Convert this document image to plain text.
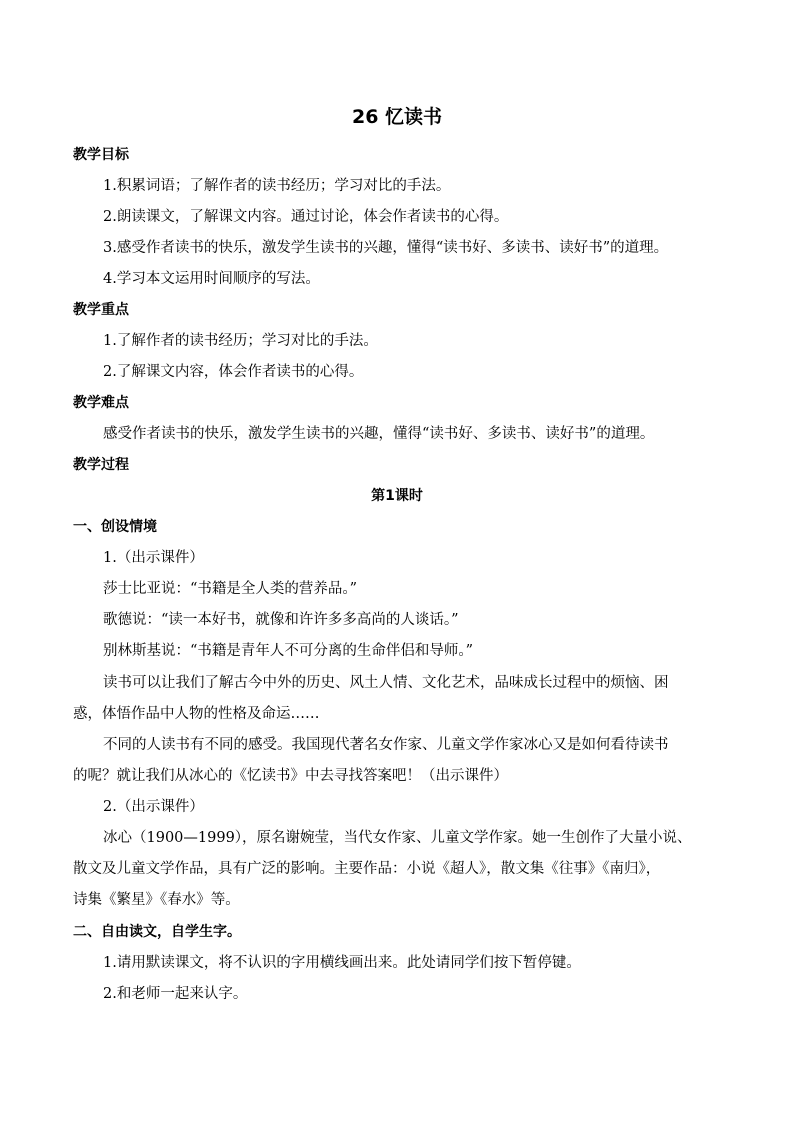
26 忆读书
教学目标
1.积累词语；了解作者的读书经历；学习对比的手法。
2.朗读课文，了解课文内容。通过讨论，体会作者读书的心得。
3.感受作者读书的快乐，激发学生读书的兴趣，懂得“读书好、多读书、读好书”的道理。
4.学习本文运用时间顺序的写法。
教学重点
1.了解作者的读书经历；学习对比的手法。
2.了解课文内容，体会作者读书的心得。
教学难点
感受作者读书的快乐，激发学生读书的兴趣，懂得“读书好、多读书、读好书”的道理。
教学过程
第1课时
一、创设情境
1.（出示课件）
莎士比亚说：“书籍是全人类的营养品。”
歌德说：“读一本好书，就像和许许多多高尚的人谈话。”
别林斯基说：“书籍是青年人不可分离的生命伴侣和导师。”
读书可以让我们了解古今中外的历史、风土人情、文化艺术，品味成长过程中的烦恼、困
惑，体悟作品中人物的性格及命运……
不同的人读书有不同的感受。我国现代著名女作家、儿童文学作家冰心又是如何看待读书
的呢？就让我们从冰心的《忆读书》中去寻找答案吧！（出示课件）
2.（出示课件）
冰心（1900—1999），原名谢婉莹，当代女作家、儿童文学作家。她一生创作了大量小说、
散文及儿童文学作品，具有广泛的影响。主要作品：小说《超人》，散文集《往事》《南归》，
诗集《繁星》《春水》等。
二、自由读文，自学生字。
1.请用默读课文，将不认识的字用横线画出来。此处请同学们按下暂停键。
2.和老师一起来认字。
